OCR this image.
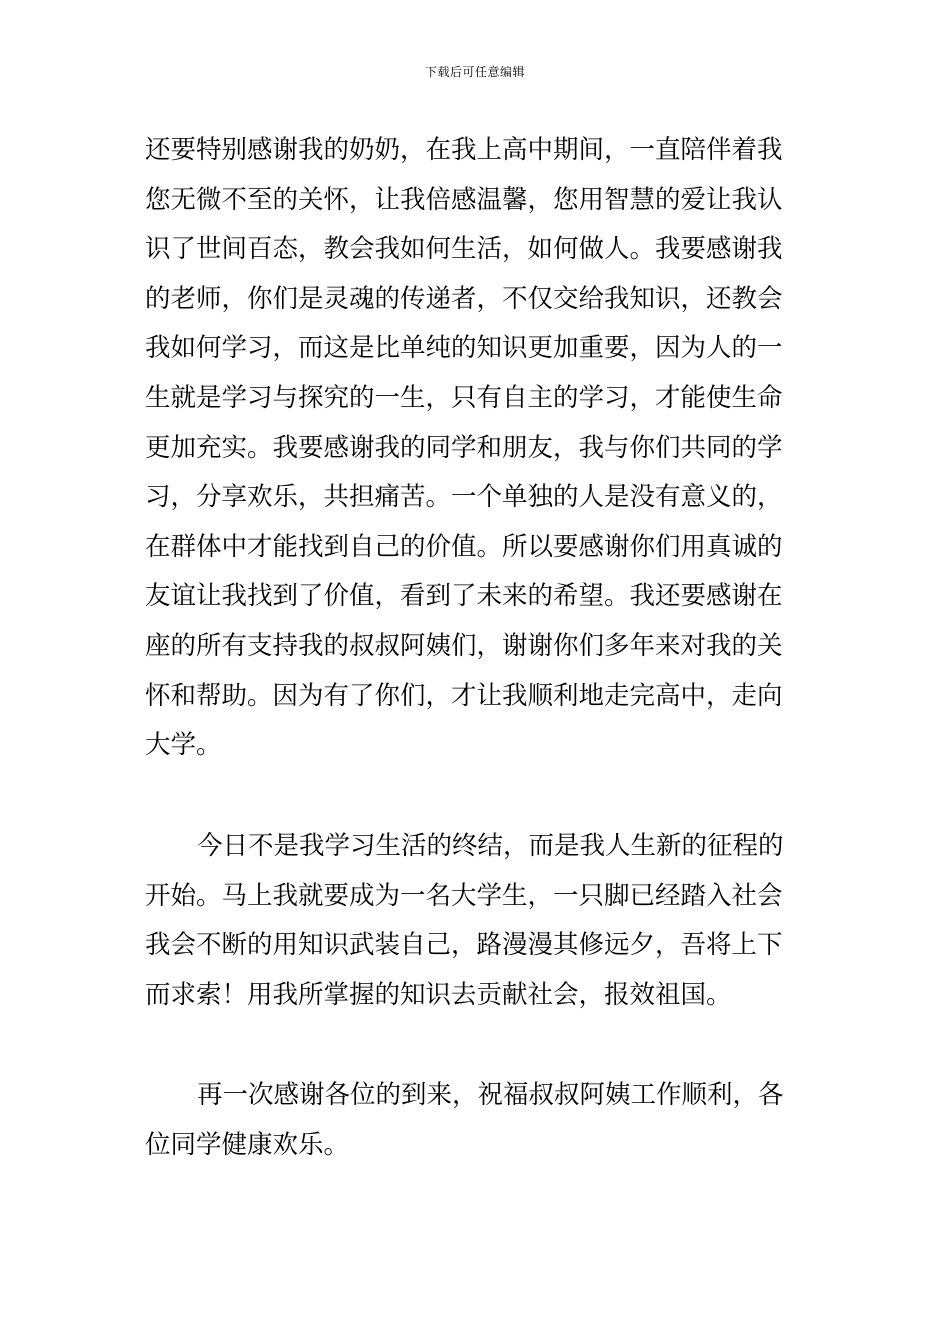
下载后可任意编辑
还要特别感谢我的奶奶，在我上高中期间，一直陪伴着我
您无微不至的关怀，让我倍感温馨，您用智慧的爱让我认
识了世间百态，教会我如何生活，如何做人。我要感谢我
的老师，你们是灵魂的传递者，不仅交给我知识，还教会
我如何学习，而这是比单纯的知识更加重要，因为人的一
生就是学习与探究的一生，只有自主的学习，才能使生命
更加充实。我要感谢我的同学和朋友，我与你们共同的学
习，分享欢乐，共担痛苦。一个单独的人是没有意义的，
在群体中才能找到自己的价值。所以要感谢你们用真诚的
友谊让我找到了价值，看到了未来的希望。我还要感谢在
座的所有支持我的叔叔阿姨们，谢谢你们多年来对我的关
怀和帮助。因为有了你们，才让我顺利地走完高中，走向
大学。
今日不是我学习生活的终结，而是我人生新的征程的
开始。马上我就要成为一名大学生，一只脚已经踏入社会
我会不断的用知识武装自己，路漫漫其修远夕，吾将上下
而求索！用我所掌握的知识去贡献社会，报效祖国。
再一次感谢各位的到来，祝福叔叔阿姨工作顺利，各
位同学健康欢乐。
